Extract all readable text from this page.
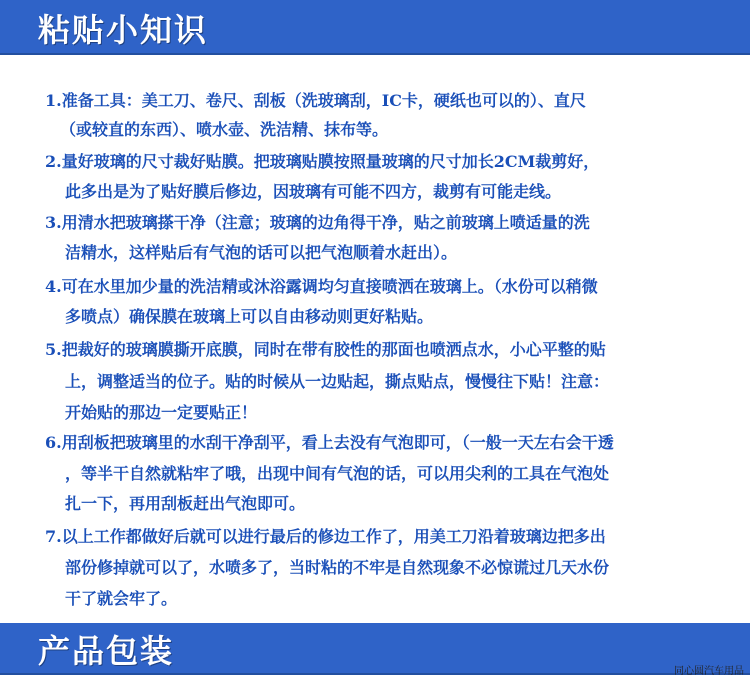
粘贴小知识
1.准备工具：美工刀、卷尺、刮板（洗玻璃刮，IC卡，硬纸也可以的）、直尺
（或较直的东西）、喷水壶、洗洁精、抹布等。
2.量好玻璃的尺寸裁好贴膜。把玻璃贴膜按照量玻璃的尺寸加长2CM裁剪好，
此多出是为了贴好膜后修边，因玻璃有可能不四方，裁剪有可能走线。
3.用清水把玻璃搽干净（注意；玻璃的边角得干净，贴之前玻璃上喷适量的洗
洁精水，这样贴后有气泡的话可以把气泡顺着水赶出）。
4.可在水里加少量的洗洁精或沐浴露调均匀直接喷洒在玻璃上。（水份可以稍微
多喷点）确保膜在玻璃上可以自由移动则更好粘贴。
5.把裁好的玻璃膜撕开底膜，同时在带有胶性的那面也喷洒点水，小心平整的贴
上，调整适当的位子。贴的时候从一边贴起，撕点贴点，慢慢往下贴！注意：
开始贴的那边一定要贴正！
6.用刮板把玻璃里的水刮干净刮平，看上去没有气泡即可，（一般一天左右会干透
，等半干自然就粘牢了哦，出现中间有气泡的话，可以用尖利的工具在气泡处
扎一下，再用刮板赶出气泡即可。
7.以上工作都做好后就可以进行最后的修边工作了，用美工刀沿着玻璃边把多出
部份修掉就可以了，水喷多了，当时粘的不牢是自然现象不必惊谎过几天水份
干了就会牢了。
产品包装
同心圆汽车用品
